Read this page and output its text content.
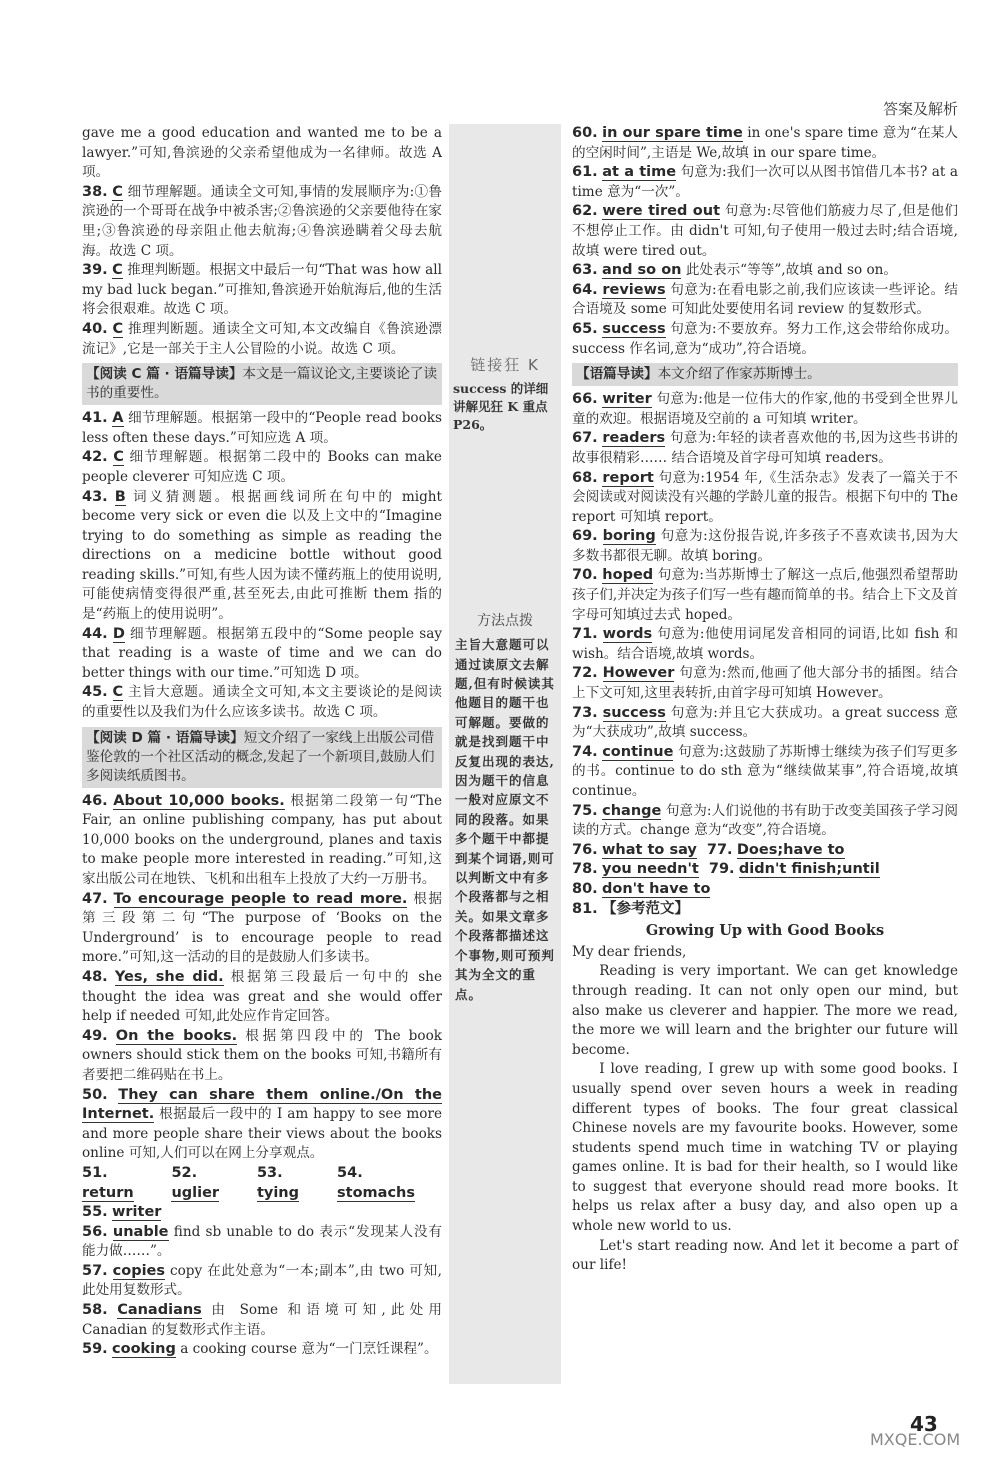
答案及解析
gave me a good education and wanted me to be a lawyer.”可知,鲁滨逊的父亲希望他成为一名律师。故选 A 项。
38. C 细节理解题。通读全文可知,事情的发展顺序为:①鲁滨逊的一个哥哥在战争中被杀害;②鲁滨逊的父亲要他待在家里;③鲁滨逊的母亲阻止他去航海;④鲁滨逊瞒着父母去航海。故选 C 项。
39. C 推理判断题。根据文中最后一句“That was how all my bad luck began.”可推知,鲁滨逊开始航海后,他的生活将会很艰难。故选 C 项。
40. C 推理判断题。通读全文可知,本文改编自《鲁滨逊漂流记》,它是一部关于主人公冒险的小说。故选 C 项。
【阅读 C 篇 · 语篇导读】本文是一篇议论文,主要谈论了读书的重要性。
41. A 细节理解题。根据第一段中的“People read books less often these days.”可知应选 A 项。
42. C 细节理解题。根据第二段中的 Books can make people cleverer 可知应选 C 项。
43. B 词义猜测题。根据画线词所在句中的 might become very sick or even die 以及上文中的“Imagine trying to do something as simple as reading the directions on a medicine bottle without good reading skills.”可知,有些人因为读不懂药瓶上的使用说明,可能使病情变得很严重,甚至死去,由此可推断 them 指的是“药瓶上的使用说明”。
44. D 细节理解题。根据第五段中的“Some people say that reading is a waste of time and we can do better things with our time.”可知选 D 项。
45. C 主旨大意题。通读全文可知,本文主要谈论的是阅读的重要性以及我们为什么应该多读书。故选 C 项。
【阅读 D 篇 · 语篇导读】短文介绍了一家线上出版公司借鉴伦敦的一个社区活动的概念,发起了一个新项目,鼓励人们多阅读纸质图书。
46. About 10,000 books. 根据第二段第一句“The Fair, an online publishing company, has put about 10,000 books on the underground, planes and taxis to make people more interested in reading.”可知,这家出版公司在地铁、飞机和出租车上投放了大约一万册书。
47. To encourage people to read more. 根据第三段第二句“The purpose of ‘Books on the Underground’ is to encourage people to read more.”可知,这一活动的目的是鼓励人们多读书。
48. Yes, she did. 根据第三段最后一句中的 she thought the idea was great and she would offer help if needed 可知,此处应作肯定回答。
49. On the books. 根据第四段中的 The book owners should stick them on the books 可知,书籍所有者要把二维码贴在书上。
50. They can share them online./On the Internet. 根据最后一段中的 I am happy to see more and more people share their views about the books online 可知,人们可以在网上分享观点。
51. return
52. uglier
53. tying
54. stomachs
55. writer
56. unable find sb unable to do 表示“发现某人没有能力做……”。
57. copies copy 在此处意为“一本;副本”,由 two 可知,此处用复数形式。
58. Canadians 由 Some 和语境可知,此处用 Canadian 的复数形式作主语。
59. cooking a cooking course 意为“一门烹饪课程”。
链接狂 K
success 的详细讲解见狂 K 重点 P26。
方法点拨
主旨大意题可以通过读原文去解题,但有时候读其他题目的题干也可解题。要做的就是找到题干中反复出现的表达,因为题干的信息一般对应原文不同的段落。如果多个题干中都提到某个词语,则可以判断文中有多个段落都与之相关。如果文章多个段落都描述这个事物,则可预判其为全文的重点。
60. in our spare time in one's spare time 意为“在某人的空闲时间”,主语是 We,故填 in our spare time。
61. at a time 句意为:我们一次可以从图书馆借几本书? at a time 意为“一次”。
62. were tired out 句意为:尽管他们筋疲力尽了,但是他们不想停止工作。由 didn't 可知,句子使用一般过去时;结合语境,故填 were tired out。
63. and so on 此处表示“等等”,故填 and so on。
64. reviews 句意为:在看电影之前,我们应该读一些评论。结合语境及 some 可知此处要使用名词 review 的复数形式。
65. success 句意为:不要放弃。努力工作,这会带给你成功。success 作名词,意为“成功”,符合语境。
【语篇导读】本文介绍了作家苏斯博士。
66. writer 句意为:他是一位伟大的作家,他的书受到全世界儿童的欢迎。根据语境及空前的 a 可知填 writer。
67. readers 句意为:年轻的读者喜欢他的书,因为这些书讲的故事很精彩…… 结合语境及首字母可知填 readers。
68. report 句意为:1954 年,《生活杂志》发表了一篇关于不会阅读或对阅读没有兴趣的学龄儿童的报告。根据下句中的 The report 可知填 report。
69. boring 句意为:这份报告说,许多孩子不喜欢读书,因为大多数书都很无聊。故填 boring。
70. hoped 句意为:当苏斯博士了解这一点后,他强烈希望帮助孩子们,并决定为孩子们写一些有趣而简单的书。结合上下文及首字母可知填过去式 hoped。
71. words 句意为:他使用词尾发音相同的词语,比如 fish 和 wish。结合语境,故填 words。
72. However 句意为:然而,他画了他大部分书的插图。结合上下文可知,这里表转折,由首字母可知填 However。
73. success 句意为:并且它大获成功。a great success 意为“大获成功”,故填 success。
74. continue 句意为:这鼓励了苏斯博士继续为孩子们写更多的书。continue to do sth 意为“继续做某事”,符合语境,故填 continue。
75. change 句意为:人们说他的书有助于改变美国孩子学习阅读的方式。change 意为“改变”,符合语境。
76. what to say 77. Does;have to
78. you needn't 79. didn't finish;until
80. don't have to
81. 【参考范文】
Growing Up with Good Books
My dear friends,
Reading is very important. We can get knowledge through reading. It can not only open our mind, but also make us cleverer and happier. The more we read, the more we will learn and the brighter our future will become.
I love reading, I grew up with some good books. I usually spend over seven hours a week in reading different types of books. The four great classical Chinese novels are my favourite books. However, some students spend much time in watching TV or playing games online. It is bad for their health, so I would like to suggest that everyone should read more books. It helps us relax after a busy day, and also open up a whole new world to us.
Let's start reading now. And let it become a part of our life!
43
MXQE.COM
